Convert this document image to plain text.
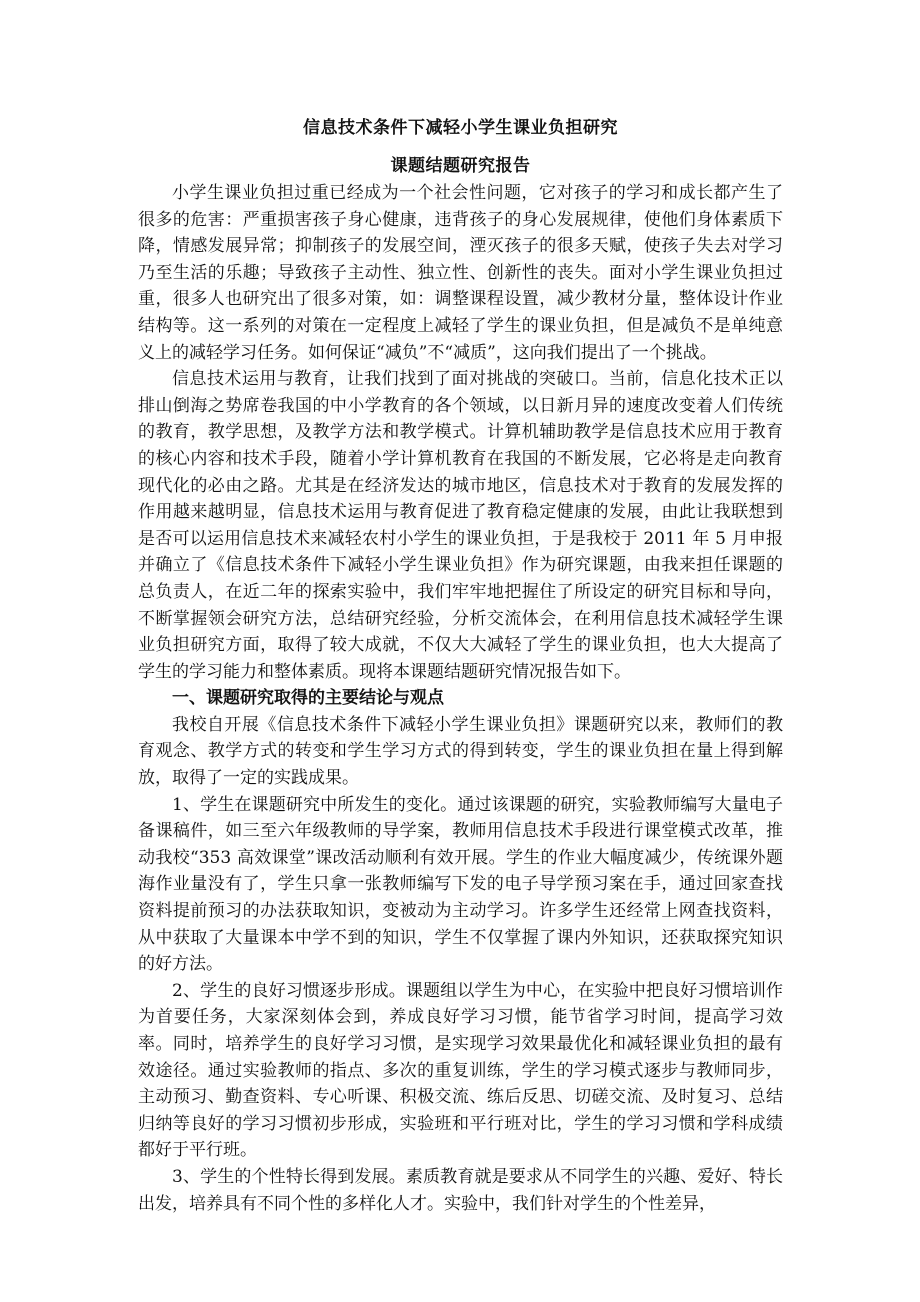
信息技术条件下减轻小学生课业负担研究
课题结题研究报告

小学生课业负担过重已经成为一个社会性问题，它对孩子的学习和成长都产生了很多的危害：严重损害孩子身心健康，违背孩子的身心发展规律，使他们身体素质下降，情感发展异常；抑制孩子的发展空间，湮灭孩子的很多天赋，使孩子失去对学习乃至生活的乐趣；导致孩子主动性、独立性、创新性的丧失。面对小学生课业负担过重，很多人也研究出了很多对策，如：调整课程设置，减少教材分量，整体设计作业结构等。这一系列的对策在一定程度上减轻了学生的课业负担，但是减负不是单纯意义上的减轻学习任务。如何保证“减负”不“减质”，这向我们提出了一个挑战。

信息技术运用与教育，让我们找到了面对挑战的突破口。当前，信息化技术正以排山倒海之势席卷我国的中小学教育的各个领域，以日新月异的速度改变着人们传统的教育，教学思想，及教学方法和教学模式。计算机辅助教学是信息技术应用于教育的核心内容和技术手段，随着小学计算机教育在我国的不断发展，它必将是走向教育现代化的必由之路。尤其是在经济发达的城市地区，信息技术对于教育的发展发挥的作用越来越明显，信息技术运用与教育促进了教育稳定健康的发展，由此让我联想到是否可以运用信息技术来减轻农村小学生的课业负担，于是我校于 2011 年 5 月申报并确立了《信息技术条件下减轻小学生课业负担》作为研究课题，由我来担任课题的总负责人，在近二年的探索实验中，我们牢牢地把握住了所设定的研究目标和导向，不断掌握领会研究方法，总结研究经验，分析交流体会，在利用信息技术减轻学生课业负担研究方面，取得了较大成就，不仅大大减轻了学生的课业负担，也大大提高了学生的学习能力和整体素质。现将本课题结题研究情况报告如下。

一、课题研究取得的主要结论与观点

我校自开展《信息技术条件下减轻小学生课业负担》课题研究以来，教师们的教育观念、教学方式的转变和学生学习方式的得到转变，学生的课业负担在量上得到解放，取得了一定的实践成果。

1、学生在课题研究中所发生的变化。通过该课题的研究，实验教师编写大量电子备课稿件，如三至六年级教师的导学案，教师用信息技术手段进行课堂模式改革，推动我校“353 高效课堂”课改活动顺利有效开展。学生的作业大幅度减少，传统课外题海作业量没有了，学生只拿一张教师编写下发的电子导学预习案在手，通过回家查找资料提前预习的办法获取知识，变被动为主动学习。许多学生还经常上网查找资料，从中获取了大量课本中学不到的知识，学生不仅掌握了课内外知识，还获取探究知识的好方法。

2、学生的良好习惯逐步形成。课题组以学生为中心，在实验中把良好习惯培训作为首要任务，大家深刻体会到，养成良好学习习惯，能节省学习时间，提高学习效率。同时，培养学生的良好学习习惯，是实现学习效果最优化和减轻课业负担的最有效途径。通过实验教师的指点、多次的重复训练，学生的学习模式逐步与教师同步，主动预习、勤查资料、专心听课、积极交流、练后反思、切磋交流、及时复习、总结归纳等良好的学习习惯初步形成，实验班和平行班对比，学生的学习习惯和学科成绩都好于平行班。

3、学生的个性特长得到发展。素质教育就是要求从不同学生的兴趣、爱好、特长出发，培养具有不同个性的多样化人才。实验中，我们针对学生的个性差异，
